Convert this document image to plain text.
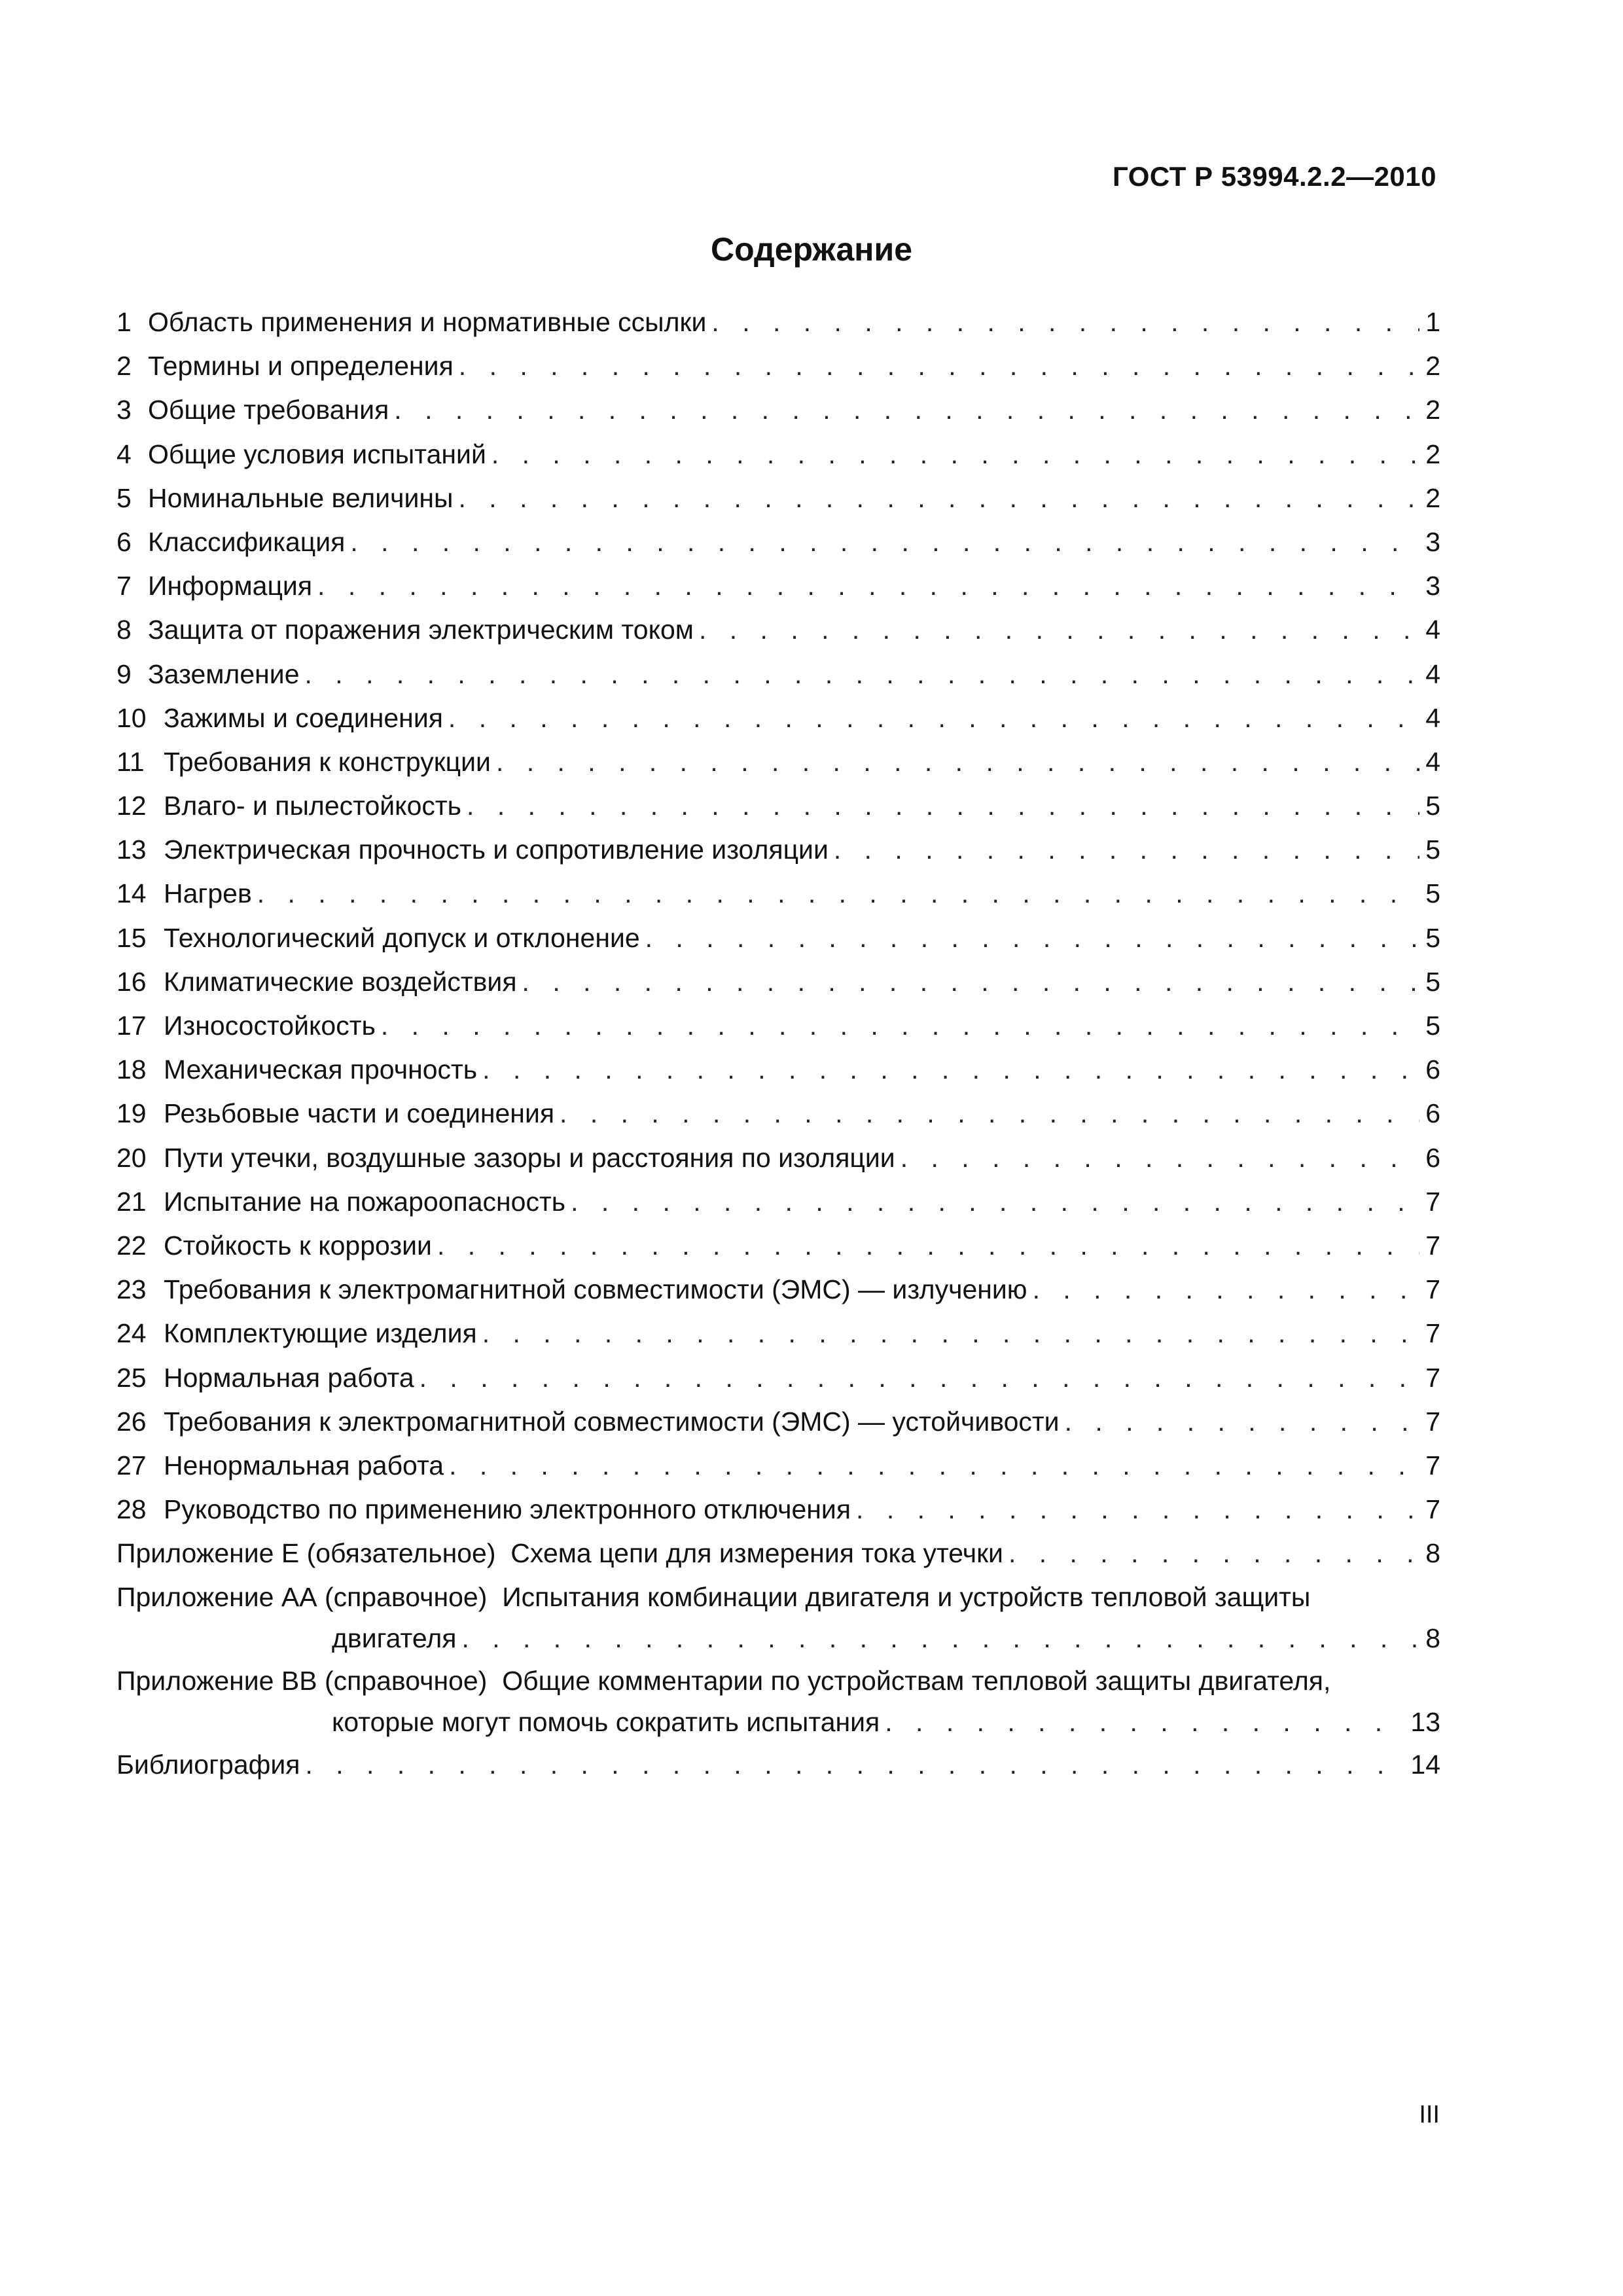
ГОСТ Р 53994.2.2—2010
Содержание
1 Область применения и нормативные ссылки . . .	1
2 Термины и определения . . .	2
3 Общие требования . . .	2
4 Общие условия испытаний . . .	2
5 Номинальные величины . . .	2
6 Классификация . . .	3
7 Информация . . .	3
8 Защита от поражения электрическим током . . .	4
9 Заземление . . .	4
10 Зажимы и соединения . . .	4
11 Требования к конструкции . . .	4
12 Влаго- и пылестойкость . . .	5
13 Электрическая прочность и сопротивление изоляции . . .	5
14 Нагрев . . .	5
15 Технологический допуск и отклонение . . .	5
16 Климатические воздействия . . .	5
17 Износостойкость . . .	5
18 Механическая прочность . . .	6
19 Резьбовые части и соединения . . .	6
20 Пути утечки, воздушные зазоры и расстояния по изоляции . . .	6
21 Испытание на пожароопасность . . .	7
22 Стойкость к коррозии . . .	7
23 Требования к электромагнитной совместимости (ЭМС) — излучению . . .	7
24 Комплектующие изделия . . .	7
25 Нормальная работа . . .	7
26 Требования к электромагнитной совместимости (ЭМС) — устойчивости . . .	7
27 Ненормальная работа . . .	7
28 Руководство по применению электронного отключения . . .	7
Приложение Е (обязательное) Схема цепи для измерения тока утечки . . .	8
Приложение АА (справочное) Испытания комбинации двигателя и устройств тепловой защиты
двигателя . . .	8
Приложение ВВ (справочное) Общие комментарии по устройствам тепловой защиты двигателя,
которые могут помочь сократить испытания . . .	13
Библиография . . .	14
III
